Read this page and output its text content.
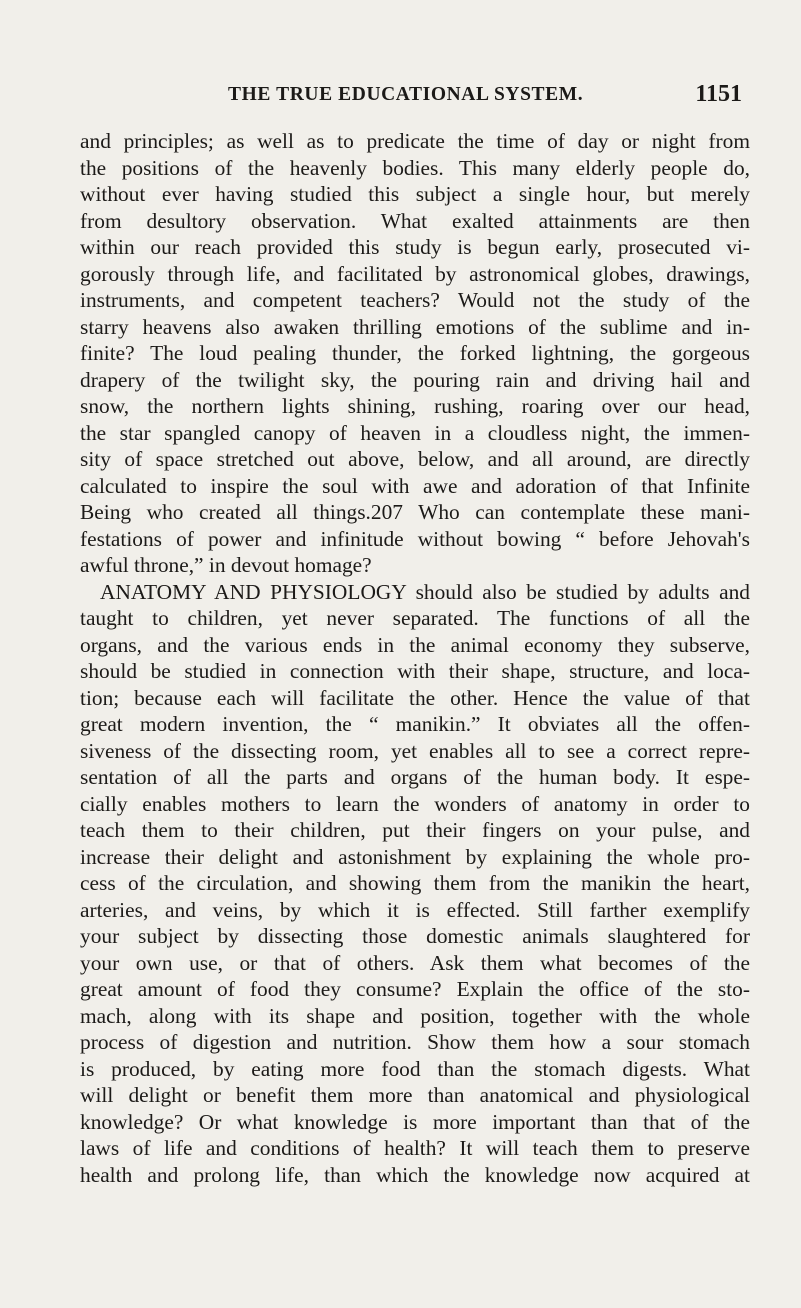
THE TRUE EDUCATIONAL SYSTEM.	1151
and principles; as well as to predicate the time of day or night from
the positions of the heavenly bodies. This many elderly people do,
without ever having studied this subject a single hour, but merely
from desultory observation. What exalted attainments are then
within our reach provided this study is begun early, prosecuted vi-
gorously through life, and facilitated by astronomical globes, drawings,
instruments, and competent teachers? Would not the study of the
starry heavens also awaken thrilling emotions of the sublime and in-
finite? The loud pealing thunder, the forked lightning, the gorgeous
drapery of the twilight sky, the pouring rain and driving hail and
snow, the northern lights shining, rushing, roaring over our head,
the star spangled canopy of heaven in a cloudless night, the immen-
sity of space stretched out above, below, and all around, are directly
calculated to inspire the soul with awe and adoration of that Infinite
Being who created all things.207 Who can contemplate these mani-
festations of power and infinitude without bowing “ before Jehovah's
awful throne,” in devout homage?
ANATOMY AND PHYSIOLOGY should also be studied by adults and
taught to children, yet never separated. The functions of all the
organs, and the various ends in the animal economy they subserve,
should be studied in connection with their shape, structure, and loca-
tion; because each will facilitate the other. Hence the value of that
great modern invention, the “ manikin.” It obviates all the offen-
siveness of the dissecting room, yet enables all to see a correct repre-
sentation of all the parts and organs of the human body. It espe-
cially enables mothers to learn the wonders of anatomy in order to
teach them to their children, put their fingers on your pulse, and
increase their delight and astonishment by explaining the whole pro-
cess of the circulation, and showing them from the manikin the heart,
arteries, and veins, by which it is effected. Still farther exemplify
your subject by dissecting those domestic animals slaughtered for
your own use, or that of others. Ask them what becomes of the
great amount of food they consume? Explain the office of the sto-
mach, along with its shape and position, together with the whole
process of digestion and nutrition. Show them how a sour stomach
is produced, by eating more food than the stomach digests. What
will delight or benefit them more than anatomical and physiological
knowledge? Or what knowledge is more important than that of the
laws of life and conditions of health? It will teach them to preserve
health and prolong life, than which the knowledge now acquired at
